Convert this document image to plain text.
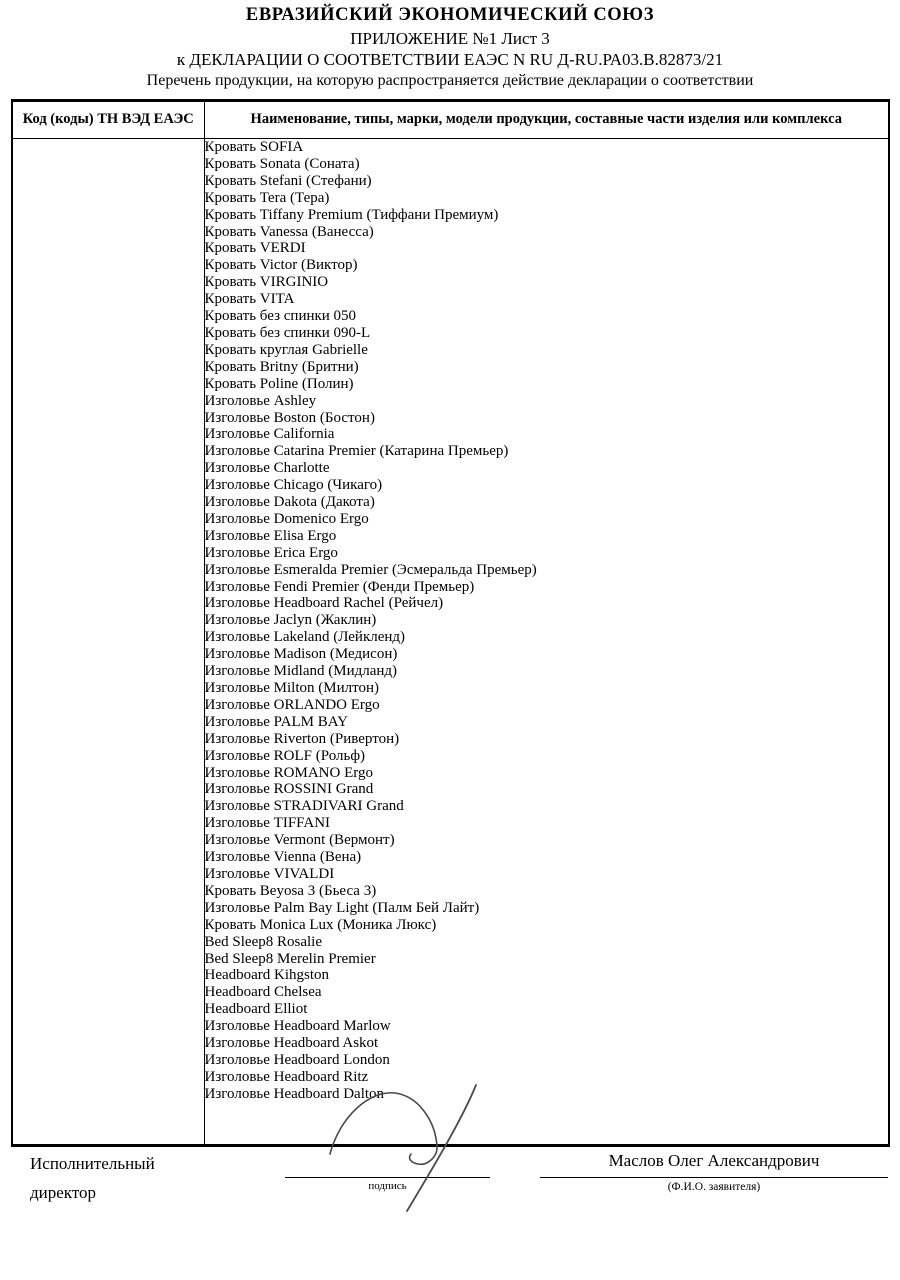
ЕВРАЗИЙСКИЙ ЭКОНОМИЧЕСКИЙ СОЮЗ
ПРИЛОЖЕНИЕ №1 Лист 3
к ДЕКЛАРАЦИИ О СООТВЕТСТВИИ ЕАЭС N RU Д-RU.РА03.В.82873/21
Перечень продукции, на которую распространяется действие декларации о соответствии
Код (коды) ТН ВЭД ЕАЭС	Наименование, типы, марки, модели продукции, составные части изделия или комплекса

Кровать SOFIA
Кровать Sonata (Соната)
Кровать Stefani (Стефани)
Кровать Tera (Тера)
Кровать Tiffany Premium (Тиффани Премиум)
Кровать Vanessa (Ванесса)
Кровать VERDI
Кровать Victor (Виктор)
Кровать VIRGINIO
Кровать VITA
Кровать без спинки 050
Кровать без спинки 090-L
Кровать круглая Gabrielle
Кровать Britny (Бритни)
Кровать Poline (Полин)
Изголовье Ashley
Изголовье Boston (Бостон)
Изголовье California
Изголовье Catarina Premier (Катарина Премьер)
Изголовье Charlotte
Изголовье Chicago (Чикаго)
Изголовье Dakota (Дакота)
Изголовье Domenico Ergo
Изголовье Elisa Ergo
Изголовье Erica Ergo
Изголовье Esmeralda Premier (Эсмеральда Премьер)
Изголовье Fendi Premier (Фенди Премьер)
Изголовье Headboard Rachel (Рейчел)
Изголовье Jaclyn (Жаклин)
Изголовье Lakeland (Лейкленд)
Изголовье Madison (Медисон)
Изголовье Midland (Мидланд)
Изголовье Milton (Милтон)
Изголовье ORLANDO Ergo
Изголовье PALM BAY
Изголовье Riverton (Ривертон)
Изголовье ROLF (Рольф)
Изголовье ROMANO Ergo
Изголовье ROSSINI Grand
Изголовье STRADIVARI Grand
Изголовье TIFFANI
Изголовье Vermont (Вермонт)
Изголовье Vienna (Вена)
Изголовье VIVALDI
Кровать Beyosa 3 (Бьеса 3)
Изголовье Palm Bay Light (Палм Бей Лайт)
Кровать Monica Lux (Моника Люкс)
Bed Sleep8 Rosalie
Bed Sleep8 Merelin Premier
Headboard Kihgston
Headboard Chelsea
Headboard Elliot
Изголовье Headboard Marlow
Изголовье Headboard Askot
Изголовье Headboard London
Изголовье Headboard Ritz
Изголовье Headboard Dalton
Исполнительный директор	подпись
Маслов Олег Александрович
(Ф.И.О. заявителя)
